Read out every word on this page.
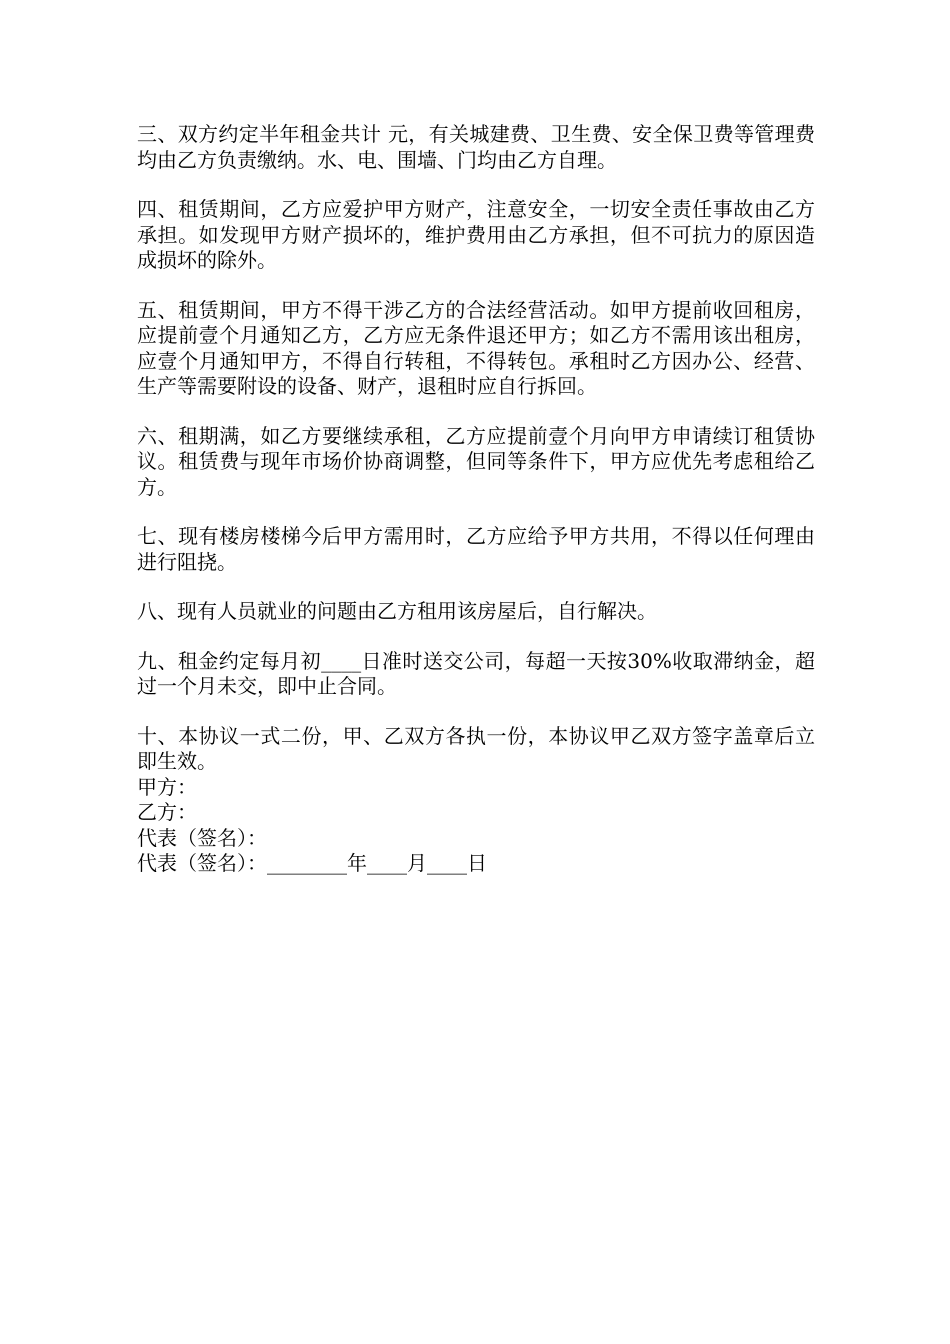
三、双方约定半年租金共计 元，有关城建费、卫生费、安全保卫费等管理费均由乙方负责缴纳。水、电、围墙、门均由乙方自理。

四、租赁期间，乙方应爱护甲方财产，注意安全，一切安全责任事故由乙方承担。如发现甲方财产损坏的，维护费用由乙方承担，但不可抗力的原因造成损坏的除外。

五、租赁期间，甲方不得干涉乙方的合法经营活动。如甲方提前收回租房，应提前壹个月通知乙方，乙方应无条件退还甲方；如乙方不需用该出租房，应壹个月通知甲方，不得自行转租，不得转包。承租时乙方因办公、经营、生产等需要附设的设备、财产，退租时应自行拆回。

六、租期满，如乙方要继续承租，乙方应提前壹个月向甲方申请续订租赁协议。租赁费与现年市场价协商调整，但同等条件下，甲方应优先考虑租给乙方。

七、现有楼房楼梯今后甲方需用时，乙方应给予甲方共用，不得以任何理由进行阻挠。

八、现有人员就业的问题由乙方租用该房屋后，自行解决。

九、租金约定每月初____日准时送交公司，每超一天按30%收取滞纳金，超过一个月未交，即中止合同。

十、本协议一式二份，甲、乙双方各执一份，本协议甲乙双方签字盖章后立即生效。

甲方：

乙方：

代表（签名）：

代表（签名）：________年____月____日
